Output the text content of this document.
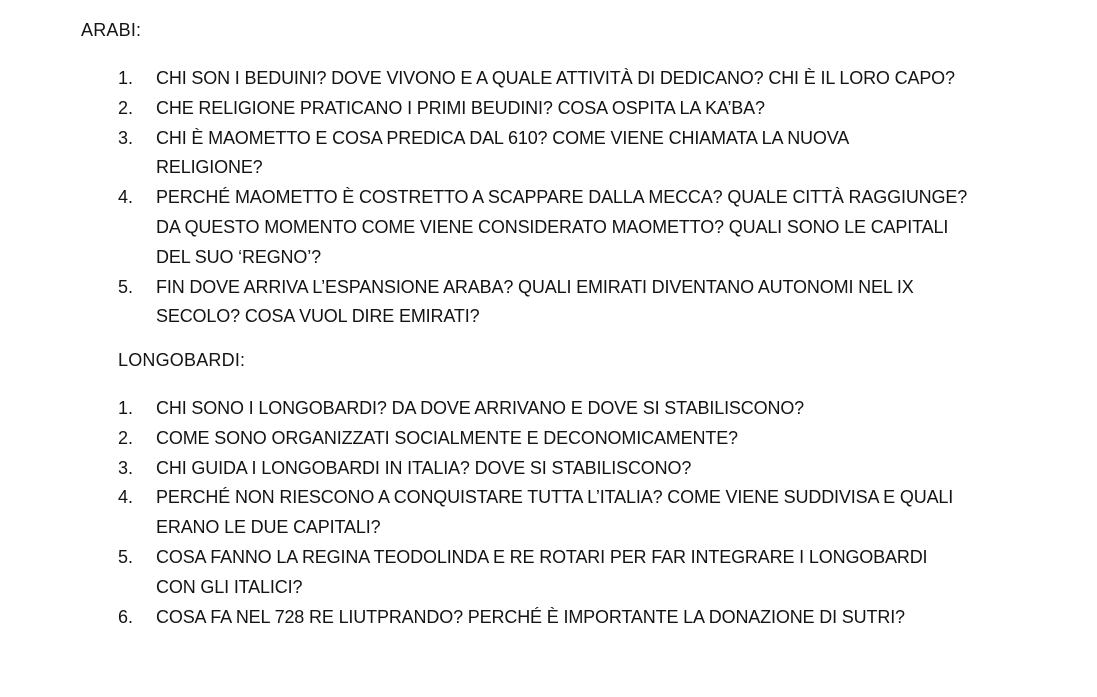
ARABI:
1.	CHI SON I BEDUINI? DOVE VIVONO E A QUALE ATTIVITÀ DI DEDICANO? CHI È IL LORO CAPO?
2.	CHE RELIGIONE PRATICANO I PRIMI BEUDINI? COSA OSPITA LA KA’BA?
3.	CHI È MAOMETTO E COSA PREDICA DAL 610? COME VIENE CHIAMATA LA NUOVA
RELIGIONE?
4.	PERCHÉ MAOMETTO È COSTRETTO A SCAPPARE DALLA MECCA? QUALE CITTÀ RAGGIUNGE?
DA QUESTO MOMENTO COME VIENE CONSIDERATO MAOMETTO? QUALI SONO LE CAPITALI
DEL SUO ‘REGNO’?
5.	FIN DOVE ARRIVA L’ESPANSIONE ARABA? QUALI EMIRATI DIVENTANO AUTONOMI NEL IX
SECOLO? COSA VUOL DIRE EMIRATI?
LONGOBARDI:
1.	CHI SONO I LONGOBARDI? DA DOVE ARRIVANO E DOVE SI STABILISCONO?
2.	COME SONO ORGANIZZATI SOCIALMENTE E DECONOMICAMENTE?
3.	CHI GUIDA I LONGOBARDI IN ITALIA? DOVE SI STABILISCONO?
4.	PERCHÉ NON RIESCONO A CONQUISTARE TUTTA L’ITALIA? COME VIENE SUDDIVISA E QUALI
ERANO LE DUE CAPITALI?
5.	COSA FANNO LA REGINA TEODOLINDA E RE ROTARI PER FAR INTEGRARE I LONGOBARDI
CON GLI ITALICI?
6.	COSA FA NEL 728 RE LIUTPRANDO? PERCHÉ È IMPORTANTE LA DONAZIONE DI SUTRI?
